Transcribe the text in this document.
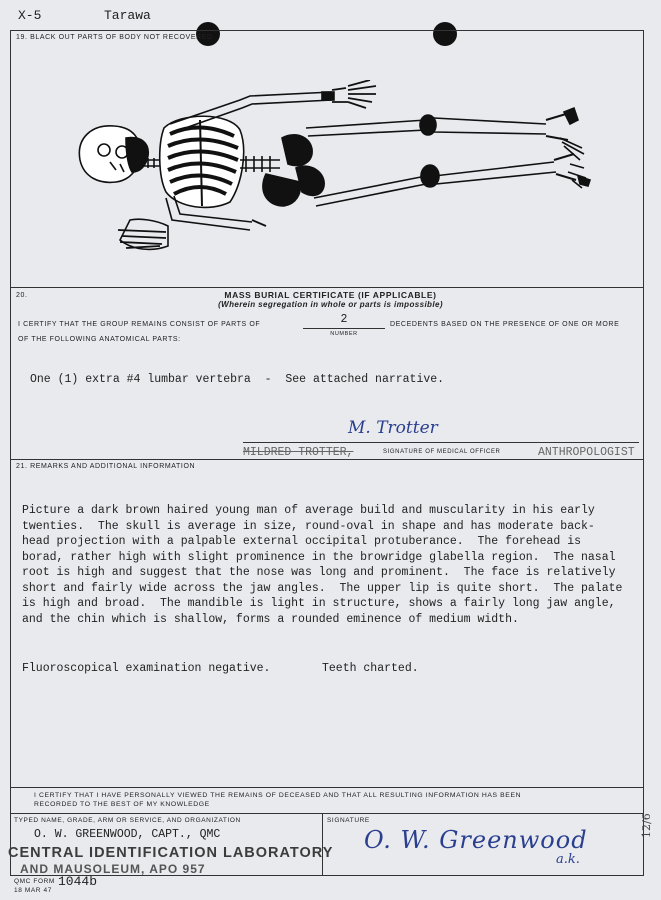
X-5	Tarawa
19. BLACK OUT PARTS OF BODY NOT RECOVERED
20.	MASS BURIAL CERTIFICATE (IF APPLICABLE)
(Wherein segregation in whole or parts is impossible)
I CERTIFY THAT THE GROUP REMAINS CONSIST OF PARTS OF	2
NUMBER
DECEDENTS BASED ON THE PRESENCE OF ONE OR MORE
OF THE FOLLOWING ANATOMICAL PARTS:
One (1) extra #4 lumbar vertebra  -  See attached narrative.
M. Trotter
MILDRED TROTTER,	SIGNATURE OF MEDICAL OFFICER	ANTHROPOLOGIST
21. REMARKS AND ADDITIONAL INFORMATION

Picture a dark brown haired young man of average build and muscularity in his early

twenties.  The skull is average in size, round-oval in shape and has moderate back-

head projection with a palpable external occipital protuberance.  The forehead is

borad, rather high with slight prominence in the browridge glabella region.  The nasal

root is high and suggest that the nose was long and prominent.  The face is relatively

short and fairly wide across the jaw angles.  The upper lip is quite short.  The palate

is high and broad.  The mandible is light in structure, shows a fairly long jaw angle,

and the chin which is shallow, forms a rounded eminence of medium width.

Fluoroscopical examination negative.	Teeth charted.
I CERTIFY THAT I HAVE PERSONALLY VIEWED THE REMAINS OF DECEASED AND THAT ALL RESULTING INFORMATION HAS BEEN
RECORDED TO THE BEST OF MY KNOWLEDGE
TYPED NAME, GRADE, ARM OR SERVICE, AND ORGANIZATION	SIGNATURE
O. W. GREENWOOD, CAPT., QMC
CENTRAL IDENTIFICATION LABORATORY
AND MAUSOLEUM, APO 957
O. W. Greenwood
a.k.
QMC FORM 1044b
18 MAR 47
12/6
